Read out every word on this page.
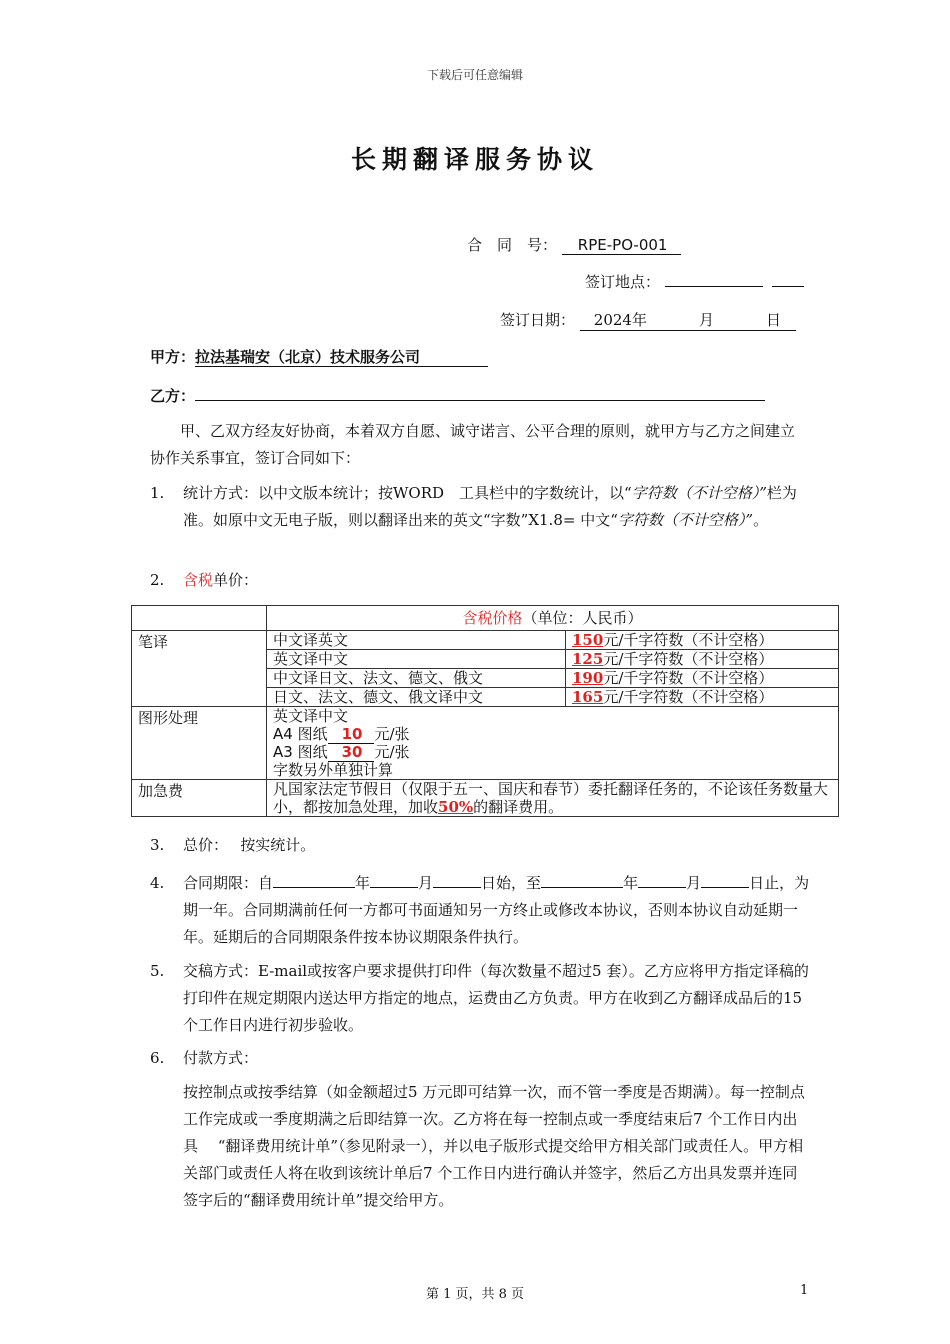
下载后可任意编辑
长期翻译服务协议
合　同　号： RPE-PO-001
签订地点：
签订日期： 2024年	月	日
甲方：拉法基瑞安（北京）技术服务公司
乙方：
甲、乙双方经友好协商，本着双方自愿、诚守诺言、公平合理的原则，就甲方与乙方之间建立协作关系事宜，签订合同如下：
1. 统计方式：以中文版本统计；按WORD　工具栏中的字数统计，以“字符数（不计空格）”栏为准。如原中文无电子版，则以翻译出来的英文“字数”X1.8= 中文“字符数（不计空格）”。
2. 含税单价：
	含税价格（单位：人民币）
笔译		中文译英文	150元/千字符数（不计空格）
英文译中文	125元/千字符数（不计空格）
中文译日文、法文、德文、俄文	190元/千字符数（不计空格）
日文、法文、德文、俄文译中文	165元/千字符数（不计空格）

图形处理	英文译中文
A4 图纸 10 元/张
A3 图纸 30 元/张
字数另外单独计算

加急费	凡国家法定节假日（仅限于五一、国庆和春节）委托翻译任务的，不论该任务数量大小，都按加急处理，加收50%的翻译费用。
3. 总价：　 按实统计。
4. 合同期限：自	年	月	日始，至	年	月	日止，为期一年。合同期满前任何一方都可书面通知另一方终止或修改本协议，否则本协议自动延期一年。延期后的合同期限条件按本协议期限条件执行。
5. 交稿方式：E-mail或按客户要求提供打印件（每次数量不超过5 套）。乙方应将甲方指定译稿的打印件在规定期限内送达甲方指定的地点，运费由乙方负责。甲方在收到乙方翻译成品后的15　个工作日内进行初步验收。
6. 付款方式：
按控制点或按季结算（如金额超过5 万元即可结算一次，而不管一季度是否期满）。每一控制点工作完成或一季度期满之后即结算一次。乙方将在每一控制点或一季度结束后7 个工作日内出具　 “翻译费用统计单”（参见附录一），并以电子版形式提交给甲方相关部门或责任人。甲方相关部门或责任人将在收到该统计单后7 个工作日内进行确认并签字，然后乙方出具发票并连同签字后的“翻译费用统计单”提交给甲方。
第 1 页，共 8 页	1
